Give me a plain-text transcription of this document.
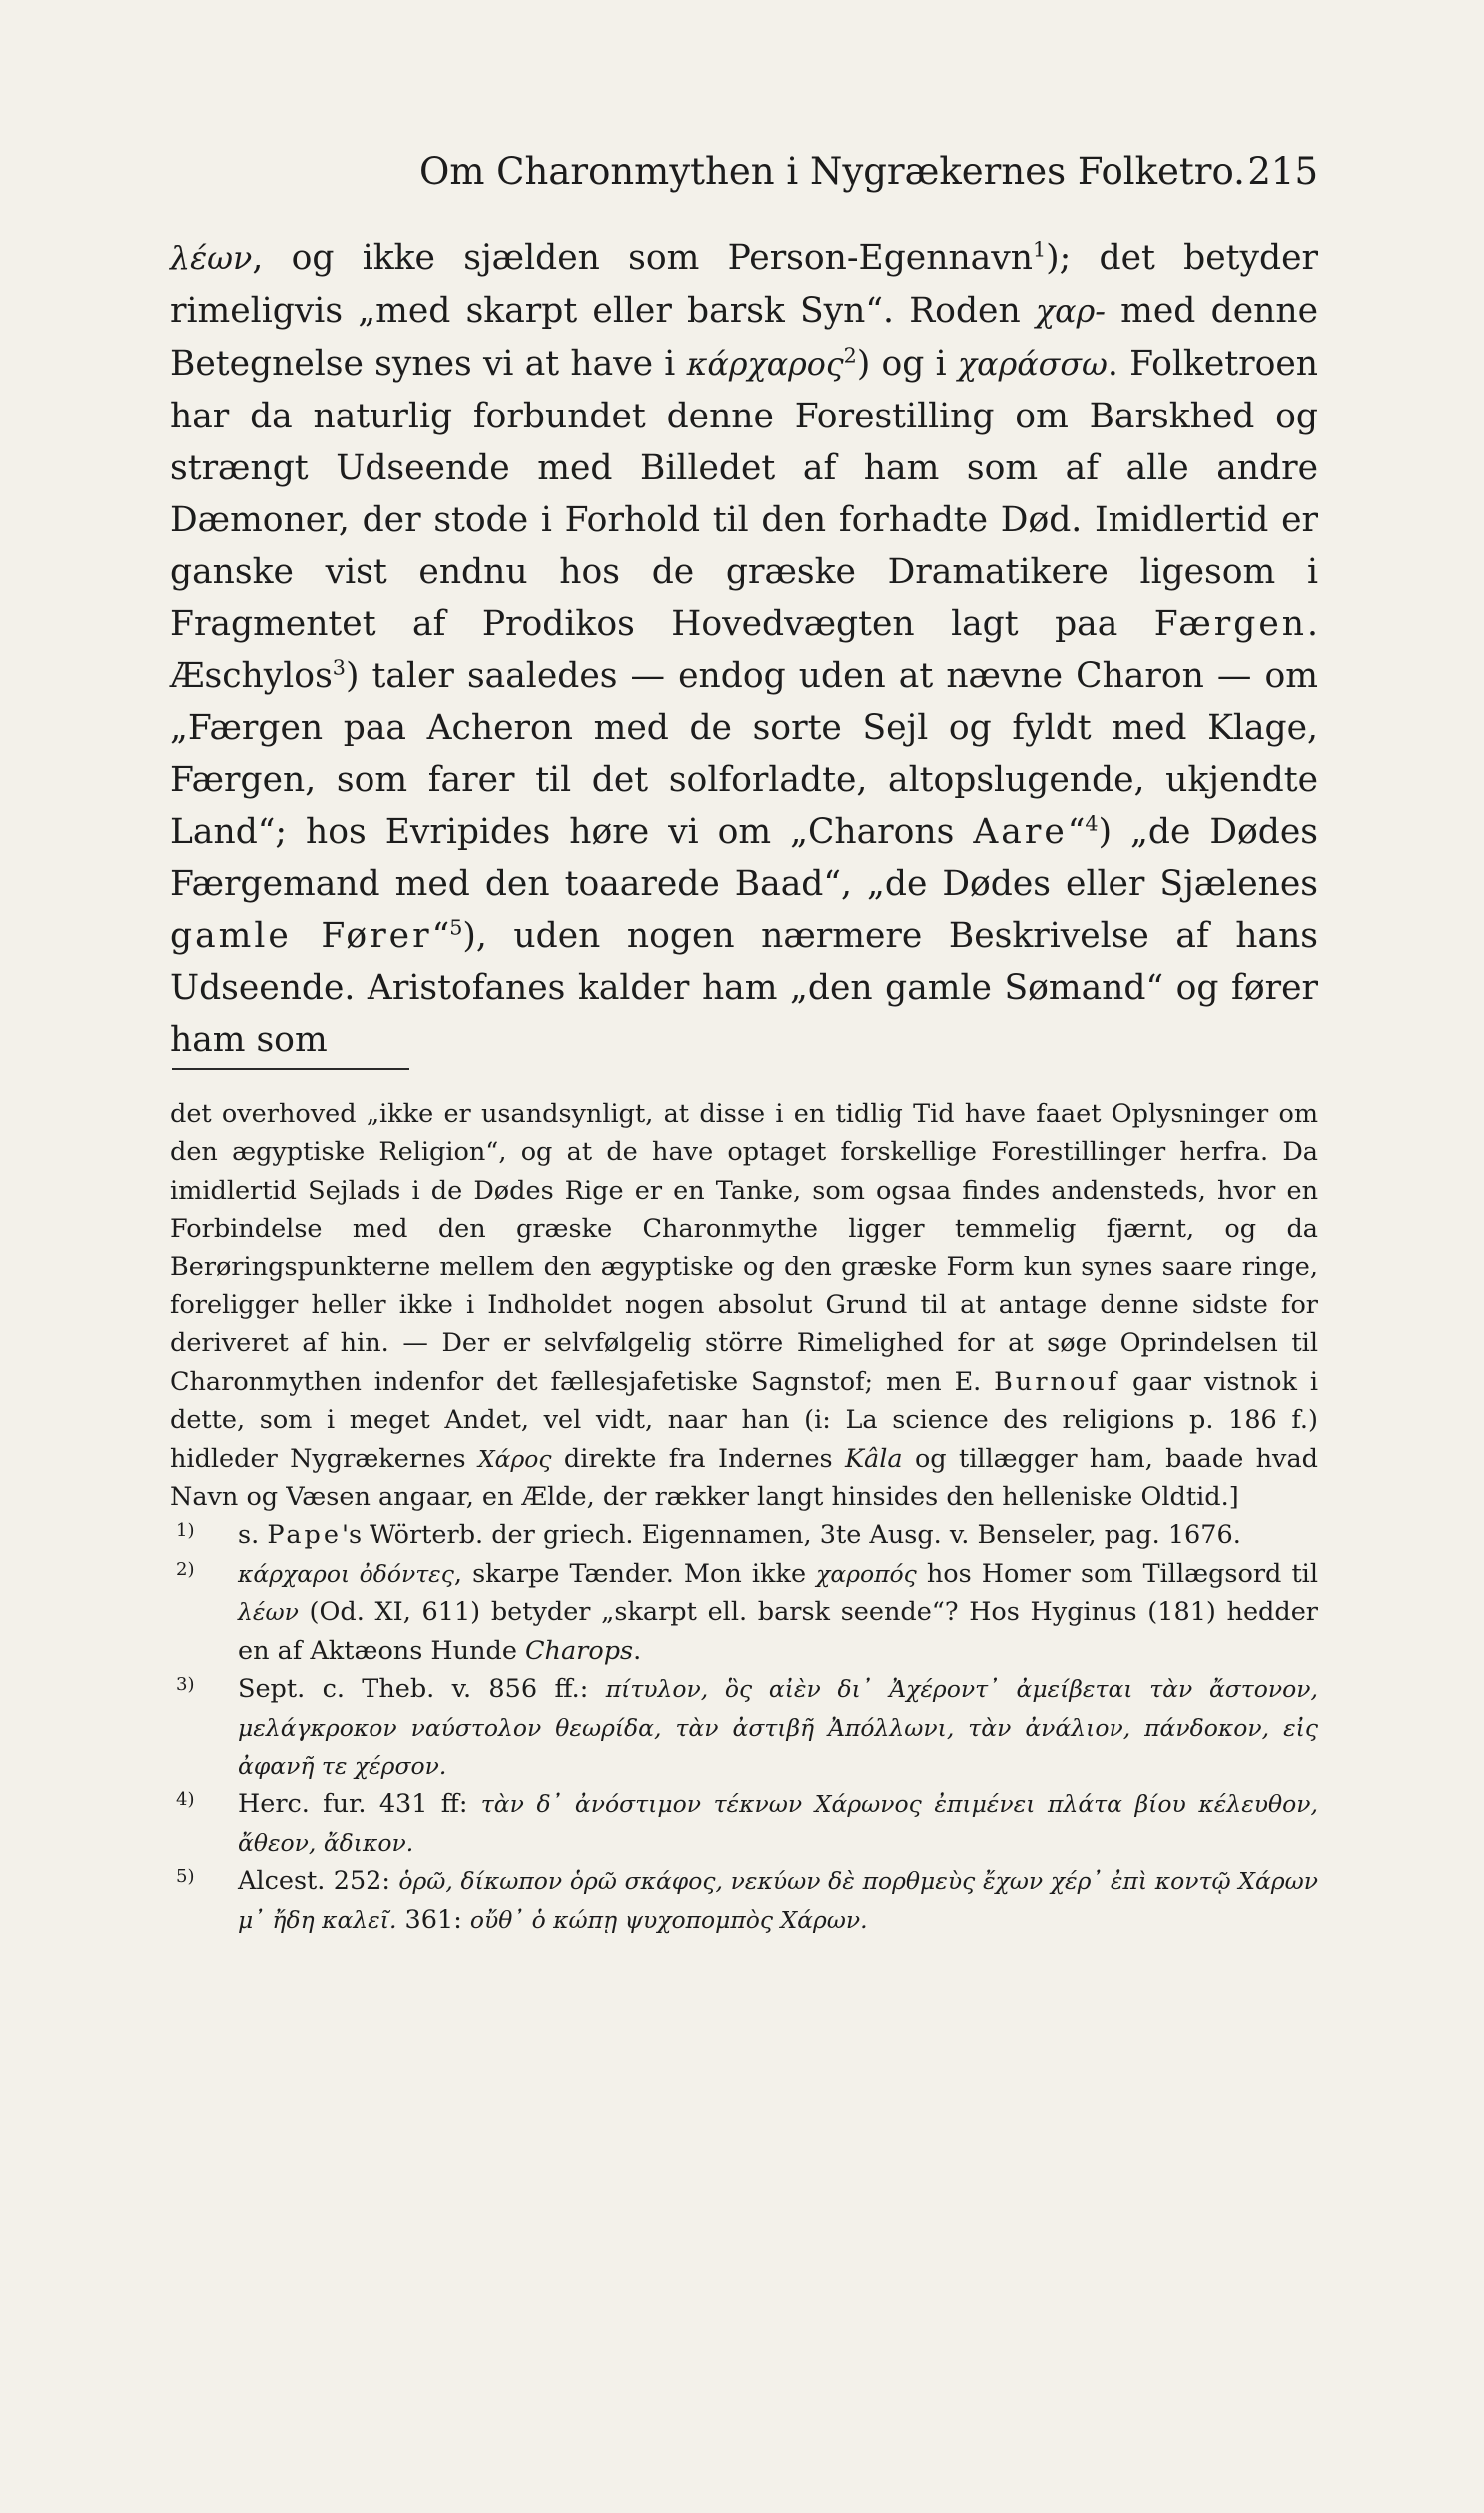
Om Charonmythen i Nygrækernes Folketro. 215

λέων, og ikke sjælden som Person-Egennavn$^1$); det betyder rimeligvis „med skarpt eller barsk Syn“. Roden χαρ- med denne Betegnelse synes vi at have i κάρχαρος$^2$) og i χαράσσω. Folketroen har da naturlig forbundet denne Forestilling om Barskhed og strængt Udseende med Billedet af ham som af alle andre Dæmoner, der stode i Forhold til den forhadte Død. Imidlertid er ganske vist endnu hos de græske Dramatikere ligesom i Fragmentet af Prodikos Hovedvægten lagt paa Færgen. Æschylos$^3$) taler saaledes — endog uden at nævne Charon — om „Færgen paa Acheron med de sorte Sejl og fyldt med Klage, Færgen, som farer til det solforladte, altopslugende, ukjendte Land“; hos Evripides høre vi om „Charons Aare“$^4$) „de Dødes Færgemand med den toaarede Baad“, „de Dødes eller Sjælenes gamle Fører“$^5$), uden nogen nærmere Beskrivelse af hans Udseende. Aristofanes kalder ham „den gamle Sømand“ og fører ham som

det overhoved „ikke er usandsynligt, at disse i en tidlig Tid have faaet Oplysninger om den ægyptiske Religion“, og at de have optaget forskellige Forestillinger herfra. Da imidlertid Sejlads i de Dødes Rige er en Tanke, som ogsaa findes andensteds, hvor en Forbindelse med den græske Charonmythe ligger temmelig fjærnt, og da Berøringspunkterne mellem den ægyptiske og den græske Form kun synes saare ringe, foreligger heller ikke i Indholdet nogen absolut Grund til at antage denne sidste for deriveret af hin. — Der er selvfølgelig större Rimelighed for at søge Oprindelsen til Charonmythen indenfor det fællesjafetiske Sagnstof; men E. Burnouf gaar vistnok i dette, som i meget Andet, vel vidt, naar han (i: La science des religions p. 186 f.) hidleder Nygrækernes Χάρος direkte fra Indernes Kâla og tillægger ham, baade hvad Navn og Væsen angaar, en Ælde, der rækker langt hinsides den helleniske Oldtid.]

1) s. Pape's Wörterb. der griech. Eigennamen, 3te Ausg. v. Benseler, pag. 1676.

2) κάρχαροι ὀδόντες, skarpe Tænder. Mon ikke χαροπός hos Homer som Tillægsord til λέων (Od. XI, 611) betyder „skarpt ell. barsk seende“? Hos Hyginus (181) hedder en af Aktæons Hunde Charops.

3) Sept. c. Theb. v. 856 ff.: πίτυλον, ὃς αἰὲν δι᾽ Ἀχέροντ᾽ ἀμείβεται τὰν ἄστονον, μελάγκροκον ναύστολον θεωρίδα, τὰν ἀστιβῆ Ἀπόλλωνι, τὰν ἀνάλιον, πάνδοκον, εἰς ἀφανῆ τε χέρσον.

4) Herc. fur. 431 ff: τὰν δ᾽ ἀνόστιμον τέκνων Χάρωνος ἐπιμένει πλάτα βίου κέλευθον, ἄθεον, ἄδικον.

5) Alcest. 252: ὁρῶ, δίκωπον ὁρῶ σκάφος, νεκύων δὲ πορθμεὺς ἔχων χέρ᾽ ἐπὶ κοντῷ Χάρων μ᾽ ἤδη καλεῖ. 361: οὔθ᾽ ὁ κώπῃ ψυχοπομπὸς Χάρων.
